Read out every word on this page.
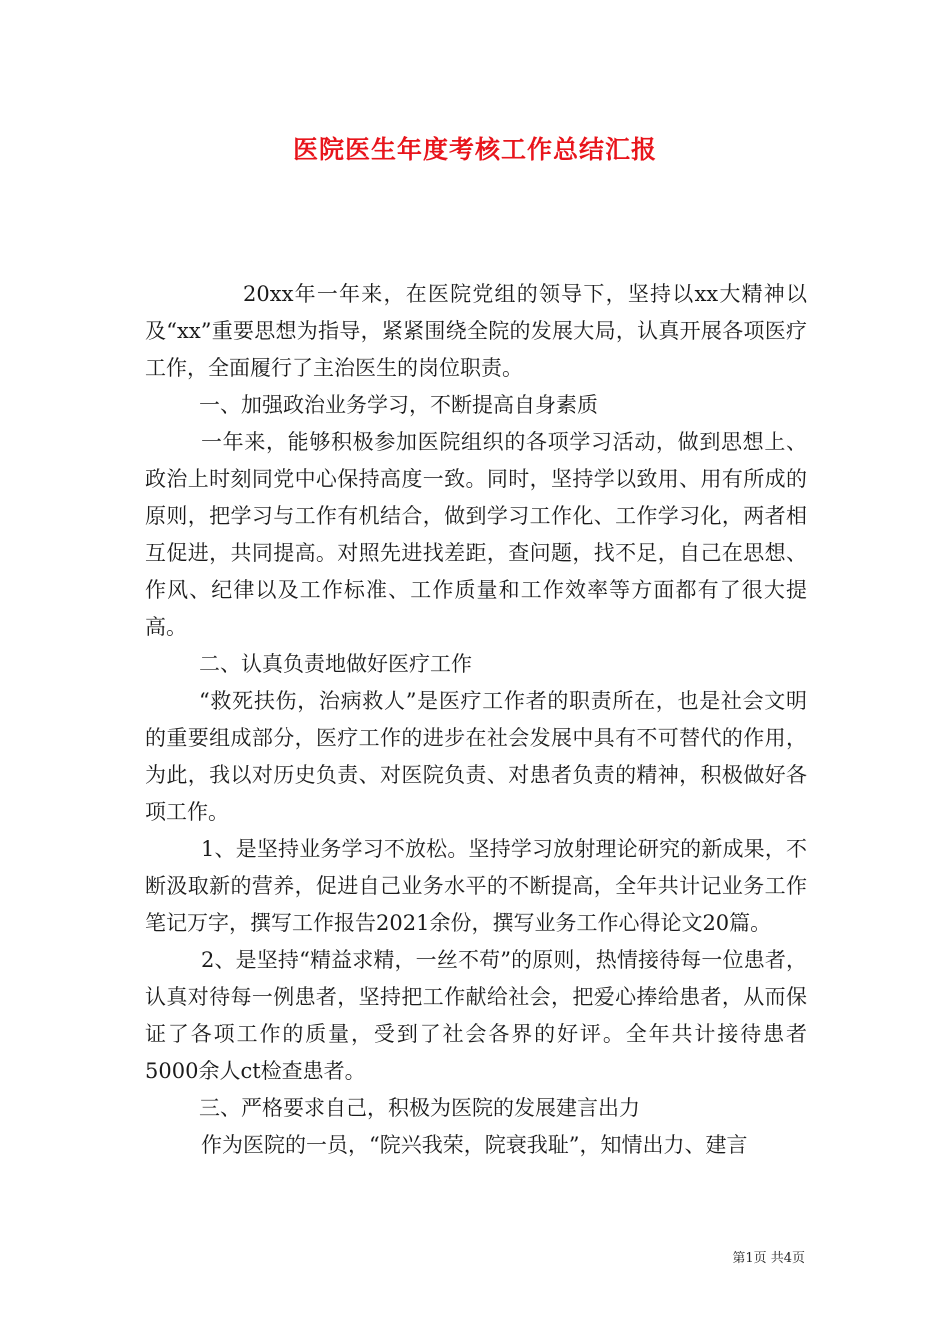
医院医生年度考核工作总结汇报

20xx年一年来，在医院党组的领导下，坚持以xx大精神以及“xx”重要思想为指导，紧紧围绕全院的发展大局，认真开展各项医疗工作，全面履行了主治医生的岗位职责。

一、加强政治业务学习，不断提高自身素质

一年来，能够积极参加医院组织的各项学习活动，做到思想上、政治上时刻同党中心保持高度一致。同时，坚持学以致用、用有所成的原则，把学习与工作有机结合，做到学习工作化、工作学习化，两者相互促进，共同提高。对照先进找差距，查问题，找不足，自己在思想、作风、纪律以及工作标准、工作质量和工作效率等方面都有了很大提高。

二、认真负责地做好医疗工作

“救死扶伤，治病救人”是医疗工作者的职责所在，也是社会文明的重要组成部分，医疗工作的进步在社会发展中具有不可替代的作用，为此，我以对历史负责、对医院负责、对患者负责的精神，积极做好各项工作。

1、是坚持业务学习不放松。坚持学习放射理论研究的新成果，不断汲取新的营养，促进自己业务水平的不断提高，全年共计记业务工作笔记万字，撰写工作报告2021余份，撰写业务工作心得论文20篇。

2、是坚持“精益求精，一丝不苟”的原则，热情接待每一位患者，认真对待每一例患者，坚持把工作献给社会，把爱心捧给患者，从而保证了各项工作的质量，受到了社会各界的好评。全年共计接待患者5000余人ct检查患者。

三、严格要求自己，积极为医院的发展建言出力

作为医院的一员，“院兴我荣，院衰我耻”，知情出力、建言

第1页 共4页
